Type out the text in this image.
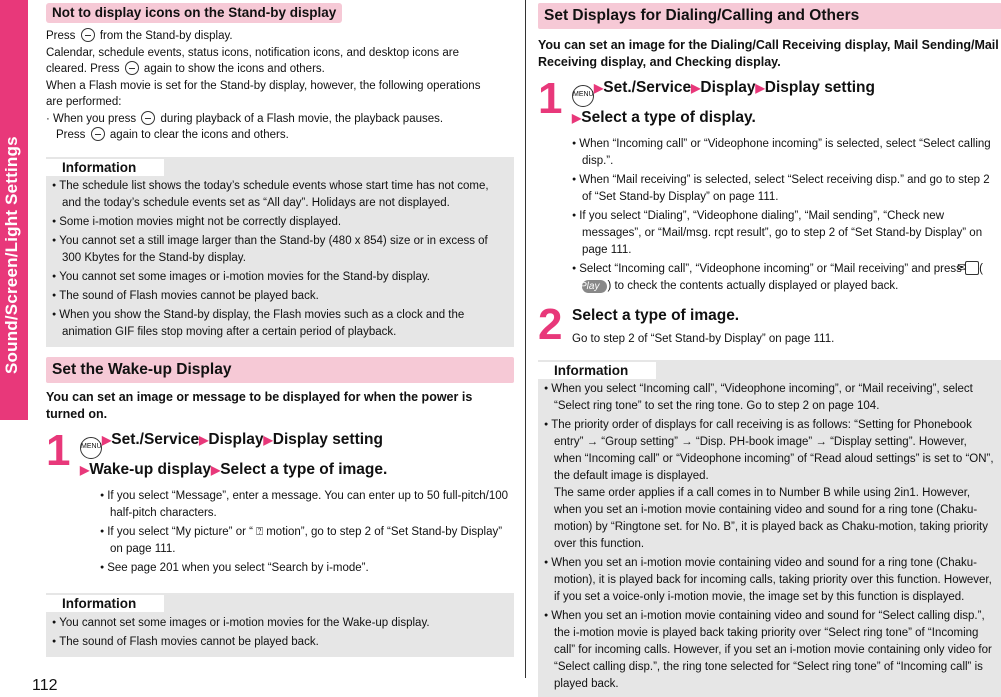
Sound/Screen/Light Settings
112
Not to display icons on the Stand-by display

Press from the Stand-by display.

Calendar, schedule events, status icons, notification icons, and desktop icons are

cleared. Press again to show the icons and others.

When a Flash movie is set for the Stand-by display, however, the following operations

are performed:

· When you press during playback of a Flash movie, the playback pauses.

Press again to clear the icons and others.

Information

● The schedule list shows the today’s schedule events whose start time has not come, and the today’s schedule events set as “All day”. Holidays are not displayed.

● Some i-motion movies might not be correctly displayed.

● You cannot set a still image larger than the Stand-by (480 x 854) size or in excess of 300 Kbytes for the Stand-by display.

● You cannot set some images or i-motion movies for the Stand-by display.

● The sound of Flash movies cannot be played back.

● When you show the Stand-by display, the Flash movies such as a clock and the animation GIF files stop moving after a certain period of playback.

Set the Wake-up Display

You can set an image or message to be displayed for when the power is turned on.

1 MENU▶Set./Service▶Display▶Display setting
▶Wake-up display▶Select a type of image.

● If you select “Message”, enter a message. You can enter up to 50 full-pitch/100 half-pitch characters.

● If you select “My picture” or “ ⍰ motion”, go to step 2 of “Set Stand-by Display” on page 111.

● See page 201 when you select “Search by i-mode”.

Information

● You cannot set some images or i-motion movies for the Wake-up display.

● The sound of Flash movies cannot be played back.

Set Displays for Dialing/Calling and Others

You can set an image for the Dialing/Call Receiving display, Mail Sending/Mail Receiving display, and Checking display.

1 MENU▶Set./Service▶Display▶Display setting
▶Select a type of display.

● When “Incoming call” or “Videophone incoming” is selected, select “Select calling disp.”.

● When “Mail receiving” is selected, select “Select receiving disp.” and go to step 2 of “Set Stand-by Display” on page 111.

● If you select “Dialing”, “Videophone dialing”, “Mail sending”, “Check new messages”, or “Mail/msg. rcpt result”, go to step 2 of “Set Stand-by Display” on page 111.

● Select “Incoming call”, “Videophone incoming” or “Mail receiving” and press ✉ (Play ) to check the contents actually displayed or played back.

2 Select a type of image.

Go to step 2 of “Set Stand-by Display” on page 111.

Information

● When you select “Incoming call”, “Videophone incoming”, or “Mail receiving”, select “Select ring tone” to set the ring tone. Go to step 2 on page 104.

● The priority order of displays for call receiving is as follows: “Setting for Phonebook entry” → “Group setting” → “Disp. PH-book image” → “Display setting”. However, when “Incoming call” or “Videophone incoming” of “Read aloud settings” is set to “ON”, the default image is displayed.

The same order applies if a call comes in to Number B while using 2in1. However, when you set an i-motion movie containing video and sound for a ring tone (Chaku-motion) by “Ringtone set. for No. B”, it is played back as Chaku-motion, taking priority over this function.

● When you set an i-motion movie containing video and sound for a ring tone (Chaku-motion), it is played back for incoming calls, taking priority over this function. However, if you set a voice-only i-motion movie, the image set by this function is displayed.

● When you set an i-motion movie containing video and sound for “Select calling disp.”, the i-motion movie is played back taking priority over “Select ring tone” of “Incoming call” for incoming calls. However, if you set an i-motion movie containing only video for “Select calling disp.”, the ring tone selected for “Select ring tone” of “Incoming call” is played back.
